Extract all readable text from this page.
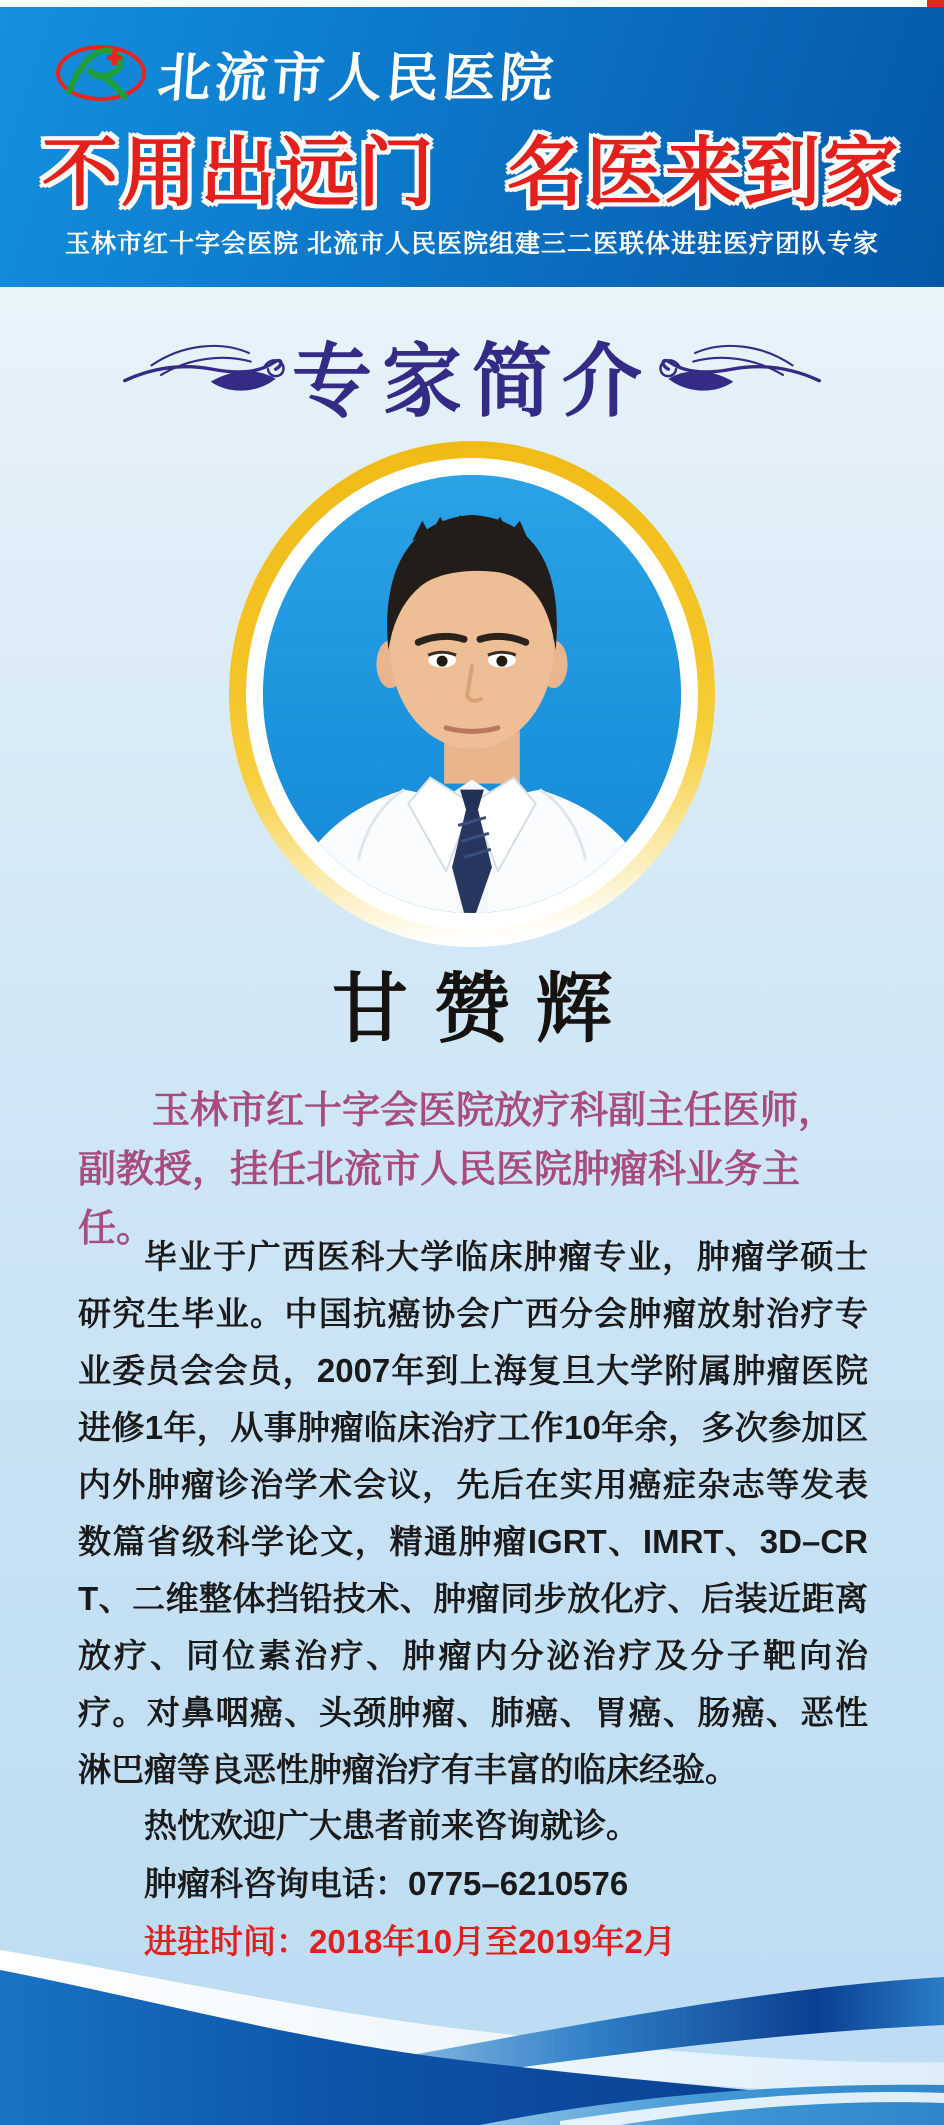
北流市人民医院
不用出远门 名医来到家
玉林市红十字会医院 北流市人民医院组建三二医联体进驻医疗团队专家
专家简介
甘赞辉

玉林市红十字会医院放疗科副主任医师，

副教授，挂任北流市人民医院肿瘤科业务主任。

毕业于广西医科大学临床肿瘤专业，肿瘤学硕士研究生毕业。中国抗癌协会广西分会肿瘤放射治疗专业委员会会员，2007年到上海复旦大学附属肿瘤医院进修1年，从事肿瘤临床治疗工作10年余，多次参加区内外肿瘤诊治学术会议，先后在实用癌症杂志等发表数篇省级科学论文，精通肿瘤IGRT、IMRT、3D–CRT、二维整体挡铅技术、肿瘤同步放化疗、后装近距离放疗、同位素治疗、肿瘤内分泌治疗及分子靶向治疗。对鼻咽癌、头颈肿瘤、肺癌、胃癌、肠癌、恶性淋巴瘤等良恶性肿瘤治疗有丰富的临床经验。

热忱欢迎广大患者前来咨询就诊。

肿瘤科咨询电话：0775–6210576

进驻时间：2018年10月至2019年2月
